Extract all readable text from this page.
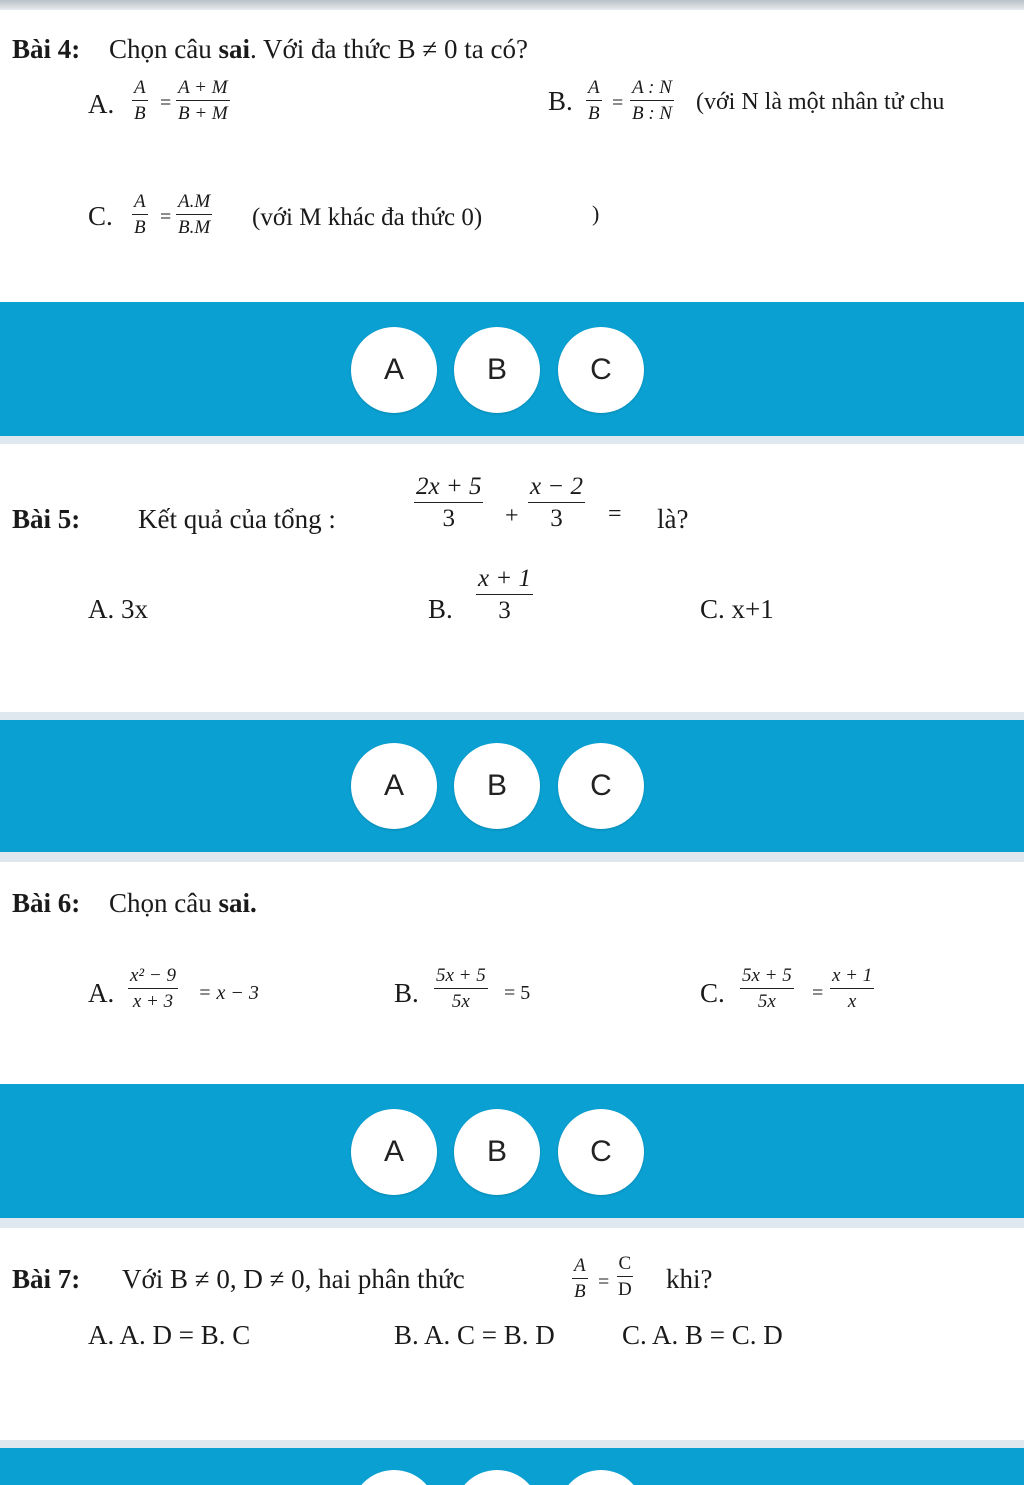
Bài 4: Chọn câu sai. Với đa thức B ≠ 0 ta có?
A. $\frac{A}{B} = \frac{A + M}{B + M}$	B. $\frac{A}{B} = \frac{A : N}{B : N}$ (với N là một nhân tử chu
C. $\frac{A}{B} = \frac{A.M}{B.M}$ (với M khác đa thức 0)	)
A	B	C
Bài 5: Kết quả của tổng :	$\frac{2x + 5}{3} + \frac{x - 2}{3}$ = là?
A. 3x	B. $\frac{x + 1}{3}$	C. x+1
A	B	C
Bài 6: Chọn câu sai.
A. $\frac{\text{x² − 9}}{x + 3} = x - 3$	B. $\frac{5x + 5}{5x} = 5$	C. $\frac{5x + 5}{5x} = \frac{x + 1}{x}$
A	B	C
Bài 7: Với B ≠ 0, D ≠ 0, hai phân thức	$\frac{A}{B} = \frac{C}{D}$ khi?
A. A. D = B. C	B. A. C = B. D C. A. B = C. D
